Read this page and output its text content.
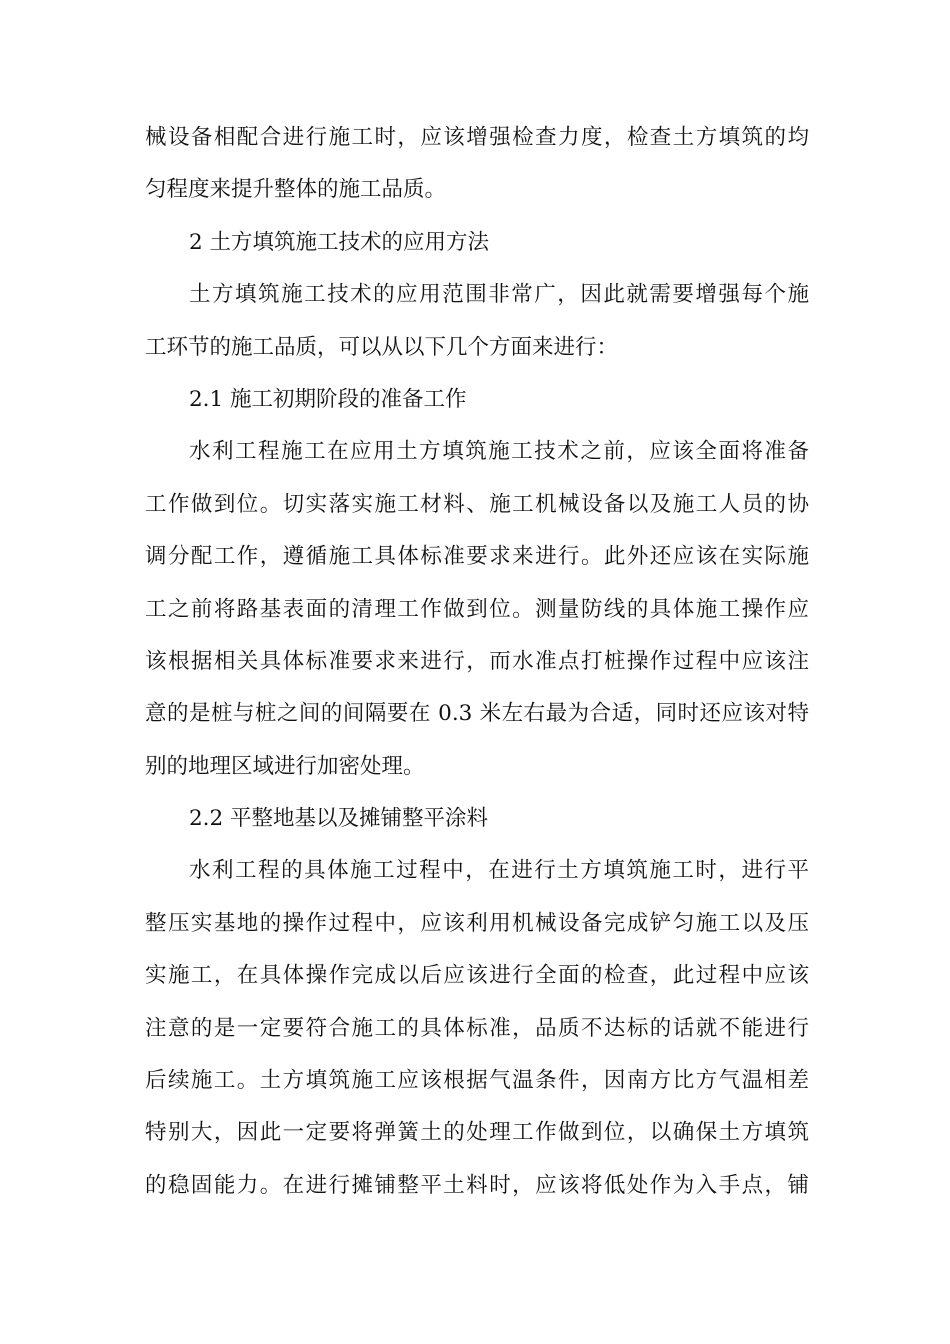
械设备相配合进行施工时，应该增强检查力度，检查土方填筑的均
匀程度来提升整体的施工品质。
2 土方填筑施工技术的应用方法
土方填筑施工技术的应用范围非常广，因此就需要增强每个施
工环节的施工品质，可以从以下几个方面来进行：
2.1 施工初期阶段的准备工作
水利工程施工在应用土方填筑施工技术之前，应该全面将准备
工作做到位。切实落实施工材料、施工机械设备以及施工人员的协
调分配工作，遵循施工具体标准要求来进行。此外还应该在实际施
工之前将路基表面的清理工作做到位。测量防线的具体施工操作应
该根据相关具体标准要求来进行，而水准点打桩操作过程中应该注
意的是桩与桩之间的间隔要在 0.3 米左右最为合适，同时还应该对特
别的地理区域进行加密处理。
2.2 平整地基以及摊铺整平涂料
水利工程的具体施工过程中，在进行土方填筑施工时，进行平
整压实基地的操作过程中，应该利用机械设备完成铲匀施工以及压
实施工，在具体操作完成以后应该进行全面的检查，此过程中应该
注意的是一定要符合施工的具体标准，品质不达标的话就不能进行
后续施工。土方填筑施工应该根据气温条件，因南方比方气温相差
特别大，因此一定要将弹簧土的处理工作做到位，以确保土方填筑
的稳固能力。在进行摊铺整平土料时，应该将低处作为入手点，铺
